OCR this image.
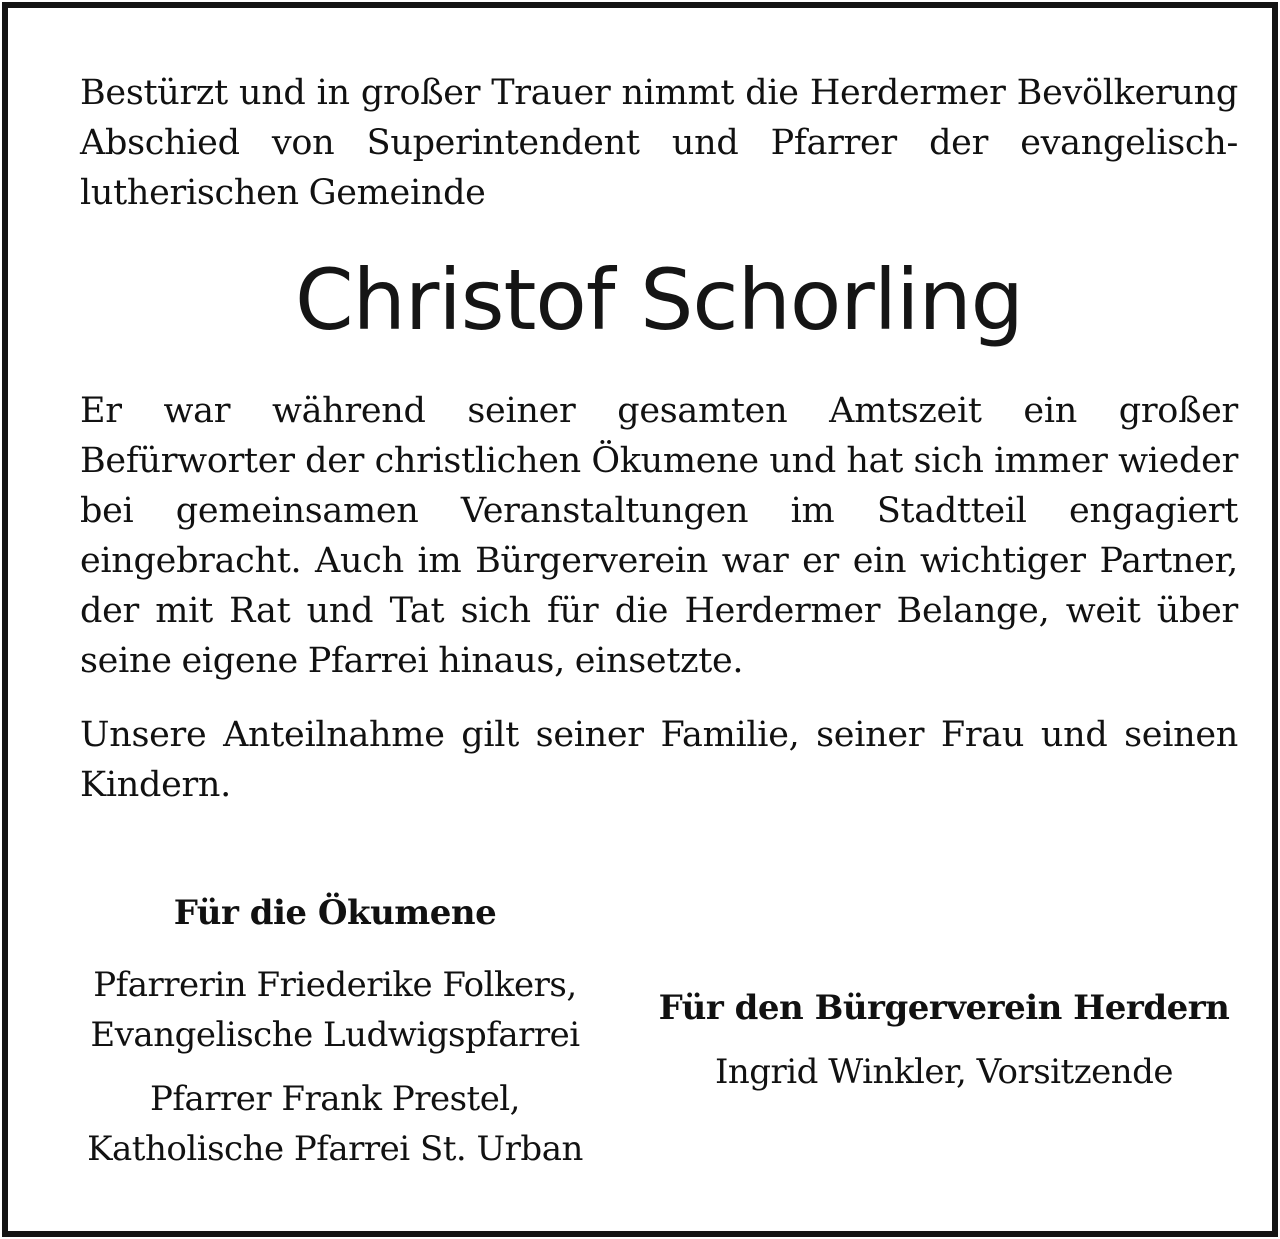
Bestürzt und in großer Trauer nimmt die Herdermer Bevölkerung Abschied von Superintendent und Pfarrer der evangelisch-lutherischen Gemeinde

Christof Schorling

Er war während seiner gesamten Amtszeit ein großer Befürworter der christlichen Ökumene und hat sich immer wieder bei gemeinsamen Veranstaltungen im Stadtteil engagiert eingebracht. Auch im Bürgerverein war er ein wichtiger Partner, der mit Rat und Tat sich für die Herdermer Belange, weit über seine eigene Pfarrei hinaus, einsetzte.

Unsere Anteilnahme gilt seiner Familie, seiner Frau und seinen Kindern.

Für die Ökumene
Pfarrerin Friederike Folkers,
Evangelische Ludwigspfarrei
Pfarrer Frank Prestel,
Katholische Pfarrei St. Urban
Für den Bürgerverein Herdern
Ingrid Winkler, Vorsitzende
